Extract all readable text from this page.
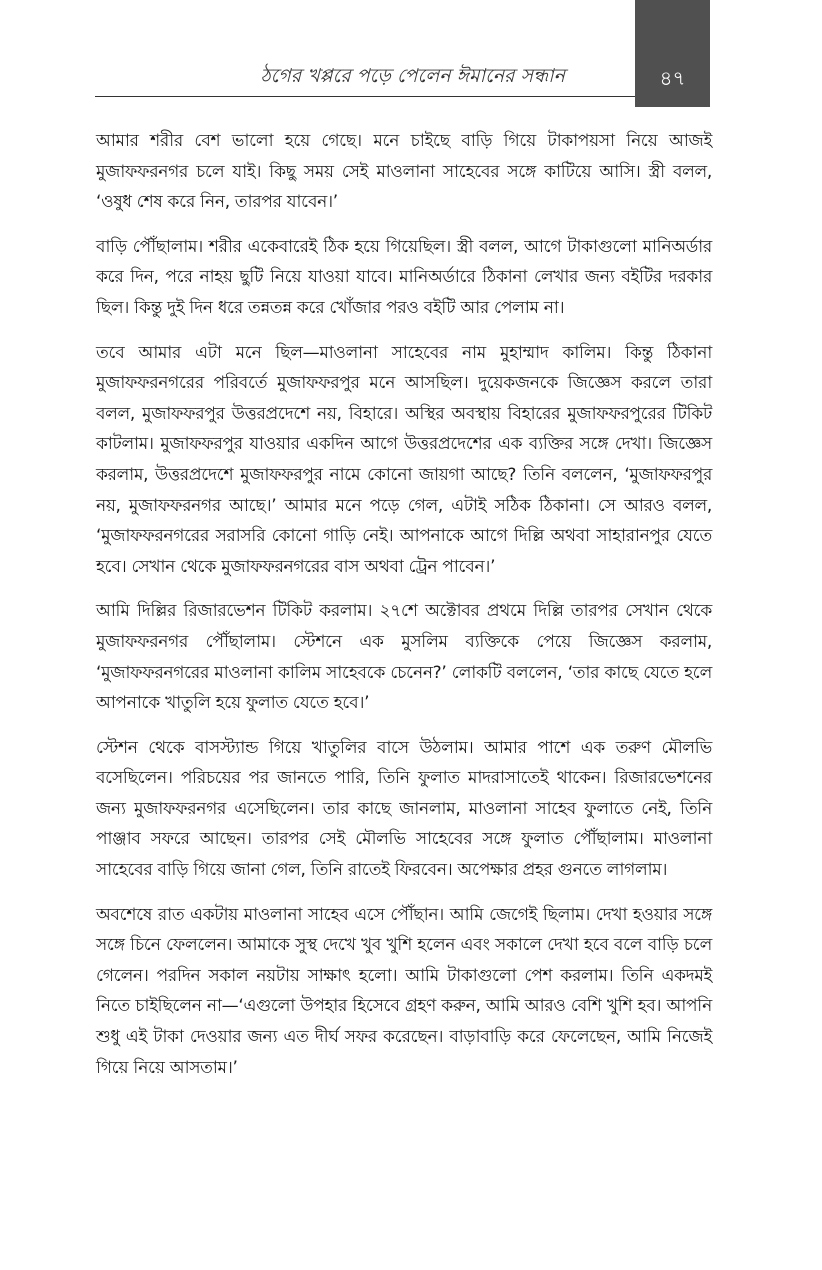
ঠগের খপ্পরে পড়ে পেলেন ঈমানের সন্ধান	৪৭

আমার শরীর বেশ ভালো হয়ে গেছে। মনে চাইছে বাড়ি গিয়ে টাকাপয়সা নিয়ে আজই মুজাফফরনগর চলে যাই। কিছু সময় সেই মাওলানা সাহেবের সঙ্গে কাটিয়ে আসি। স্ত্রী বলল, ‘ওষুধ শেষ করে নিন, তারপর যাবেন।’

বাড়ি পৌঁছালাম। শরীর একেবারেই ঠিক হয়ে গিয়েছিল। স্ত্রী বলল, আগে টাকাগুলো মানিঅর্ডার করে দিন, পরে নাহয় ছুটি নিয়ে যাওয়া যাবে। মানিঅর্ডারে ঠিকানা লেখার জন্য বইটির দরকার ছিল। কিন্তু দুই দিন ধরে তন্নতন্ন করে খোঁজার পরও বইটি আর পেলাম না।

তবে আমার এটা মনে ছিল—মাওলানা সাহেবের নাম মুহাম্মাদ কালিম। কিন্তু ঠিকানা মুজাফফরনগরের পরিবর্তে মুজাফফরপুর মনে আসছিল। দুয়েকজনকে জিজ্ঞেস করলে তারা বলল, মুজাফফরপুর উত্তরপ্রদেশে নয়, বিহারে। অস্থির অবস্থায় বিহারের মুজাফফরপুরের টিকিট কাটলাম। মুজাফফরপুর যাওয়ার একদিন আগে উত্তরপ্রদেশের এক ব্যক্তির সঙ্গে দেখা। জিজ্ঞেস করলাম, উত্তরপ্রদেশে মুজাফফরপুর নামে কোনো জায়গা আছে? তিনি বললেন, ‘মুজাফফরপুর নয়, মুজাফফরনগর আছে।’ আমার মনে পড়ে গেল, এটাই সঠিক ঠিকানা। সে আরও বলল, ‘মুজাফফরনগরের সরাসরি কোনো গাড়ি নেই। আপনাকে আগে দিল্লি অথবা সাহারানপুর যেতে হবে। সেখান থেকে মুজাফফরনগরের বাস অথবা ট্রেন পাবেন।’

আমি দিল্লির রিজারভেশন টিকিট করলাম। ২৭শে অক্টোবর প্রথমে দিল্লি তারপর সেখান থেকে মুজাফফরনগর পৌঁছালাম। স্টেশনে এক মুসলিম ব্যক্তিকে পেয়ে জিজ্ঞেস করলাম, ‘মুজাফফরনগরের মাওলানা কালিম সাহেবকে চেনেন?’ লোকটি বললেন, ‘তার কাছে যেতে হলে আপনাকে খাতুলি হয়ে ফুলাত যেতে হবে।’

স্টেশন থেকে বাসস্ট্যান্ড গিয়ে খাতুলির বাসে উঠলাম। আমার পাশে এক তরুণ মৌলভি বসেছিলেন। পরিচয়ের পর জানতে পারি, তিনি ফুলাত মাদরাসাতেই থাকেন। রিজারভেশনের জন্য মুজাফফরনগর এসেছিলেন। তার কাছে জানলাম, মাওলানা সাহেব ফুলাতে নেই, তিনি পাঞ্জাব সফরে আছেন। তারপর সেই মৌলভি সাহেবের সঙ্গে ফুলাত পৌঁছালাম। মাওলানা সাহেবের বাড়ি গিয়ে জানা গেল, তিনি রাতেই ফিরবেন। অপেক্ষার প্রহর গুনতে লাগলাম।

অবশেষে রাত একটায় মাওলানা সাহেব এসে পৌঁছান। আমি জেগেই ছিলাম। দেখা হওয়ার সঙ্গে সঙ্গে চিনে ফেললেন। আমাকে সুস্থ দেখে খুব খুশি হলেন এবং সকালে দেখা হবে বলে বাড়ি চলে গেলেন। পরদিন সকাল নয়টায় সাক্ষাৎ হলো। আমি টাকাগুলো পেশ করলাম। তিনি একদমই নিতে চাইছিলেন না—‘এগুলো উপহার হিসেবে গ্রহণ করুন, আমি আরও বেশি খুশি হব। আপনি শুধু এই টাকা দেওয়ার জন্য এত দীর্ঘ সফর করেছেন। বাড়াবাড়ি করে ফেলেছেন, আমি নিজেই গিয়ে নিয়ে আসতাম।’
